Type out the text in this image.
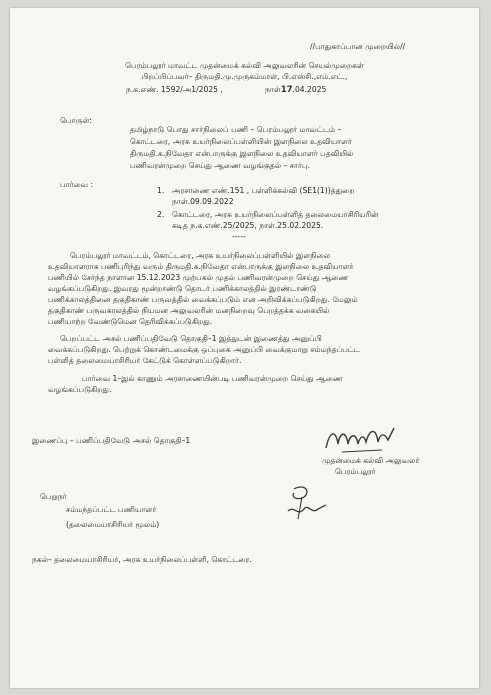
//பாதுகாப்பான முறையில்//
பெரம்பலூர் மாவட்ட முதன்மைக் கல்வி அலுவலரின் செயல்முறைகள்
பிறப்பிப்பவர்– திருமதி.மு.முருகம்மாள், பி.எஸ்சி.,எம்.எட்.,
ந.க.எண். 1592/அ1/2025 ,	நாள்17.04.2025
பொருள்:
தமிழ்நாடு பொது சார்நிலைப் பணி – பெரம்பலூர் மாவட்டம் –
கொட்டரை, அரசு உயர்நிலைப்பள்ளியின் இளநிலை உதவியாளர்
திருமதி.க.நிவேதா என்பாருக்கு இளநிலை உதவியாளர் பதவியில்
பணிவரன்முறை செய்து ஆணை வழங்குதல் – சார்பு.
பார்வை :
1. அரசாணை எண்.151 , பள்ளிக்கல்வி (SE1(1))த்துறை
நாள்.09.09.2022
2. கொட்டரை, அரசு உயர்நிலைப்பள்ளித் தலைமையாசிரியரின்
கடித ந.க.எண்.25/2025, நாள்.25.02.2025.
-----
பெரம்பலூர் மாவட்டம், கொட்டரை, அரசு உயர்நிலைப்பள்ளியில் இளநிலை
உதவியாளராக பணிபுரிந்து வரும் திருமதி.க.நிவேதா என்பாருக்கு இளநிலை உதவியாளர்
பணியில் சேர்ந்த நாளான 15.12.2023 முற்பகல் முதல் பணிவரன்முறை செய்து ஆணை
வழங்கப்படுகிறது. இவரது மூன்றாண்டு தொடர் பணிக்காலத்தில் இரண்டாண்டு
பணிக்காலத்தினை தகுதிகாண் பருவத்தில் வைக்கப்படும் என அறிவிக்கப்படுகிறது. மேலும்
தகுதிகாண் பருவகாலத்தில் நியமன அலுவலரின் மனநிறைவு பெறத்தக்க வகையில்
பணியாற்ற வேண்டுமென தெரிவிக்கப்படுகிறது.
பெறப்பட்ட அசல் பணிப்பதிவேடு தொகுதி–1 இத்துடன் இணைத்து அனுப்பி
வைக்கப்படுகிறது. பெற்றுக் கொண்டமைக்கு ஒப்புகை அனுப்பி வைக்குமாறு சம்மந்தப்பட்ட
பள்ளித் தலைமையாசிரியர் கேட்டுக் கொள்ளப்படுகிறார்.
பார்வை 1–இல் காணும் அரசாணையின்படி பணிவரன்முறை செய்து ஆணை
வழங்கப்படுகிறது.
இணைப்பு – பணிப்பதிவேடு அசல் தொகுதி–1
முதன்மைக் கல்வி அலுவலர்
பெரம்பலூர்
பெறுநர்
சம்மந்தப்பட்ட பணியாளர்
(தலைமையாசிரியர் மூலம்)
நகல்– தலைமையாசிரியர், அரசு உயர்நிலைப்பள்ளி, கொட்டரை.
